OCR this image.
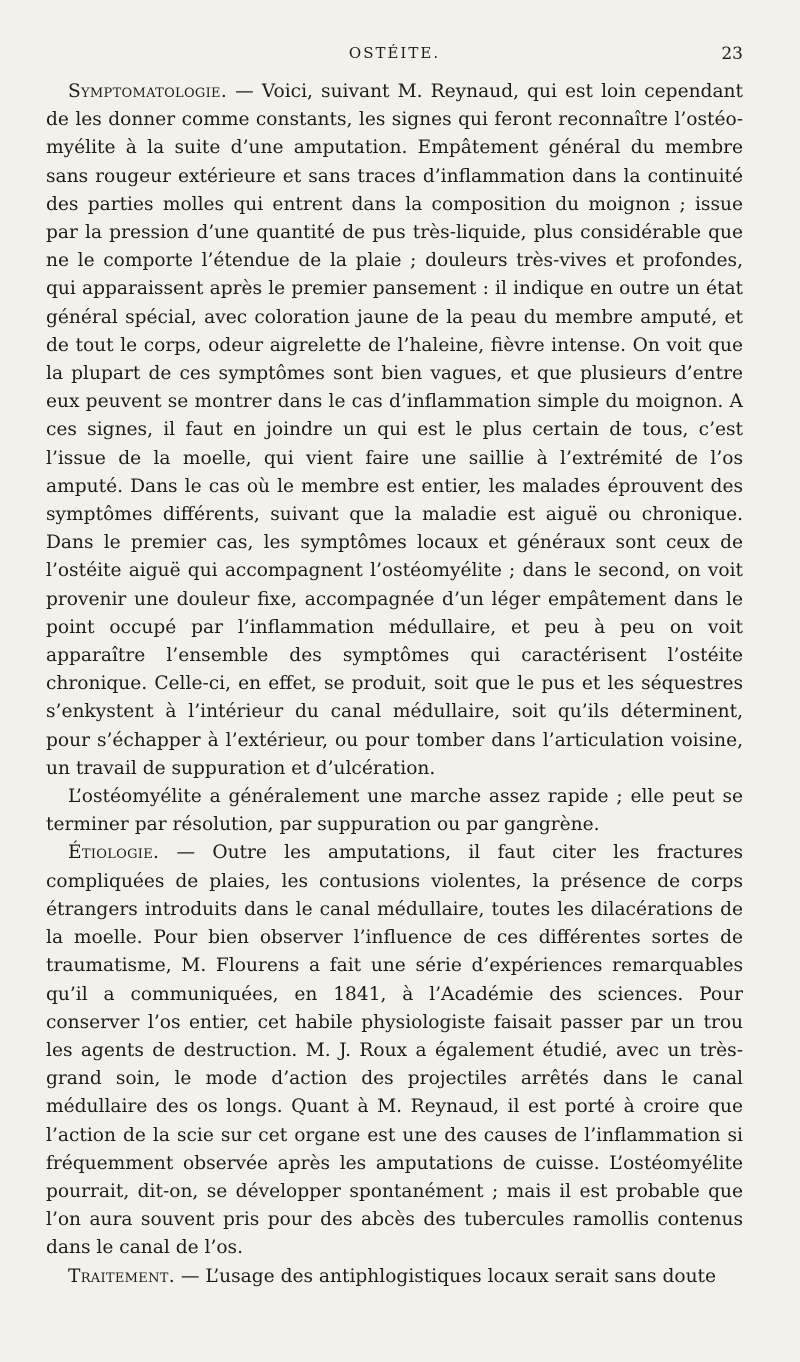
OSTÉITE.	23

Symptomatologie. — Voici, suivant M. Reynaud, qui est loin cependant de les donner comme constants, les signes qui feront reconnaître l’ostéo-myélite à la suite d’une amputation. Empâtement général du membre sans rougeur extérieure et sans traces d’inflammation dans la continuité des parties molles qui entrent dans la composition du moignon ; issue par la pression d’une quantité de pus très-liquide, plus considérable que ne le comporte l’étendue de la plaie ; douleurs très-vives et profondes, qui apparaissent après le premier pansement : il indique en outre un état général spécial, avec coloration jaune de la peau du membre amputé, et de tout le corps, odeur aigrelette de l’haleine, fièvre intense. On voit que la plupart de ces symptômes sont bien vagues, et que plusieurs d’entre eux peuvent se montrer dans le cas d’inflammation simple du moignon. A ces signes, il faut en joindre un qui est le plus certain de tous, c’est l’issue de la moelle, qui vient faire une saillie à l’extrémité de l’os amputé. Dans le cas où le membre est entier, les malades éprouvent des symptômes différents, suivant que la maladie est aiguë ou chronique. Dans le premier cas, les symptômes locaux et généraux sont ceux de l’ostéite aiguë qui accompagnent l’ostéomyélite ; dans le second, on voit provenir une douleur fixe, accompagnée d’un léger empâtement dans le point occupé par l’inflammation médullaire, et peu à peu on voit apparaître l’ensemble des symptômes qui caractérisent l’ostéite chronique. Celle-ci, en effet, se produit, soit que le pus et les séquestres s’enkystent à l’intérieur du canal médullaire, soit qu’ils déterminent, pour s’échapper à l’extérieur, ou pour tomber dans l’articulation voisine, un travail de suppuration et d’ulcération.

L’ostéomyélite a généralement une marche assez rapide ; elle peut se terminer par résolution, par suppuration ou par gangrène.

Étiologie. — Outre les amputations, il faut citer les fractures compliquées de plaies, les contusions violentes, la présence de corps étrangers introduits dans le canal médullaire, toutes les dilacérations de la moelle. Pour bien observer l’influence de ces différentes sortes de traumatisme, M. Flourens a fait une série d’expériences remarquables qu’il a communiquées, en 1841, à l’Académie des sciences. Pour conserver l’os entier, cet habile physiologiste faisait passer par un trou les agents de destruction. M. J. Roux a également étudié, avec un très-grand soin, le mode d’action des projectiles arrêtés dans le canal médullaire des os longs. Quant à M. Reynaud, il est porté à croire que l’action de la scie sur cet organe est une des causes de l’inflammation si fréquemment observée après les amputations de cuisse. L’ostéomyélite pourrait, dit-on, se développer spontanément ; mais il est probable que l’on aura souvent pris pour des abcès des tubercules ramollis contenus dans le canal de l’os.

Traitement. — L’usage des antiphlogistiques locaux serait sans doute
